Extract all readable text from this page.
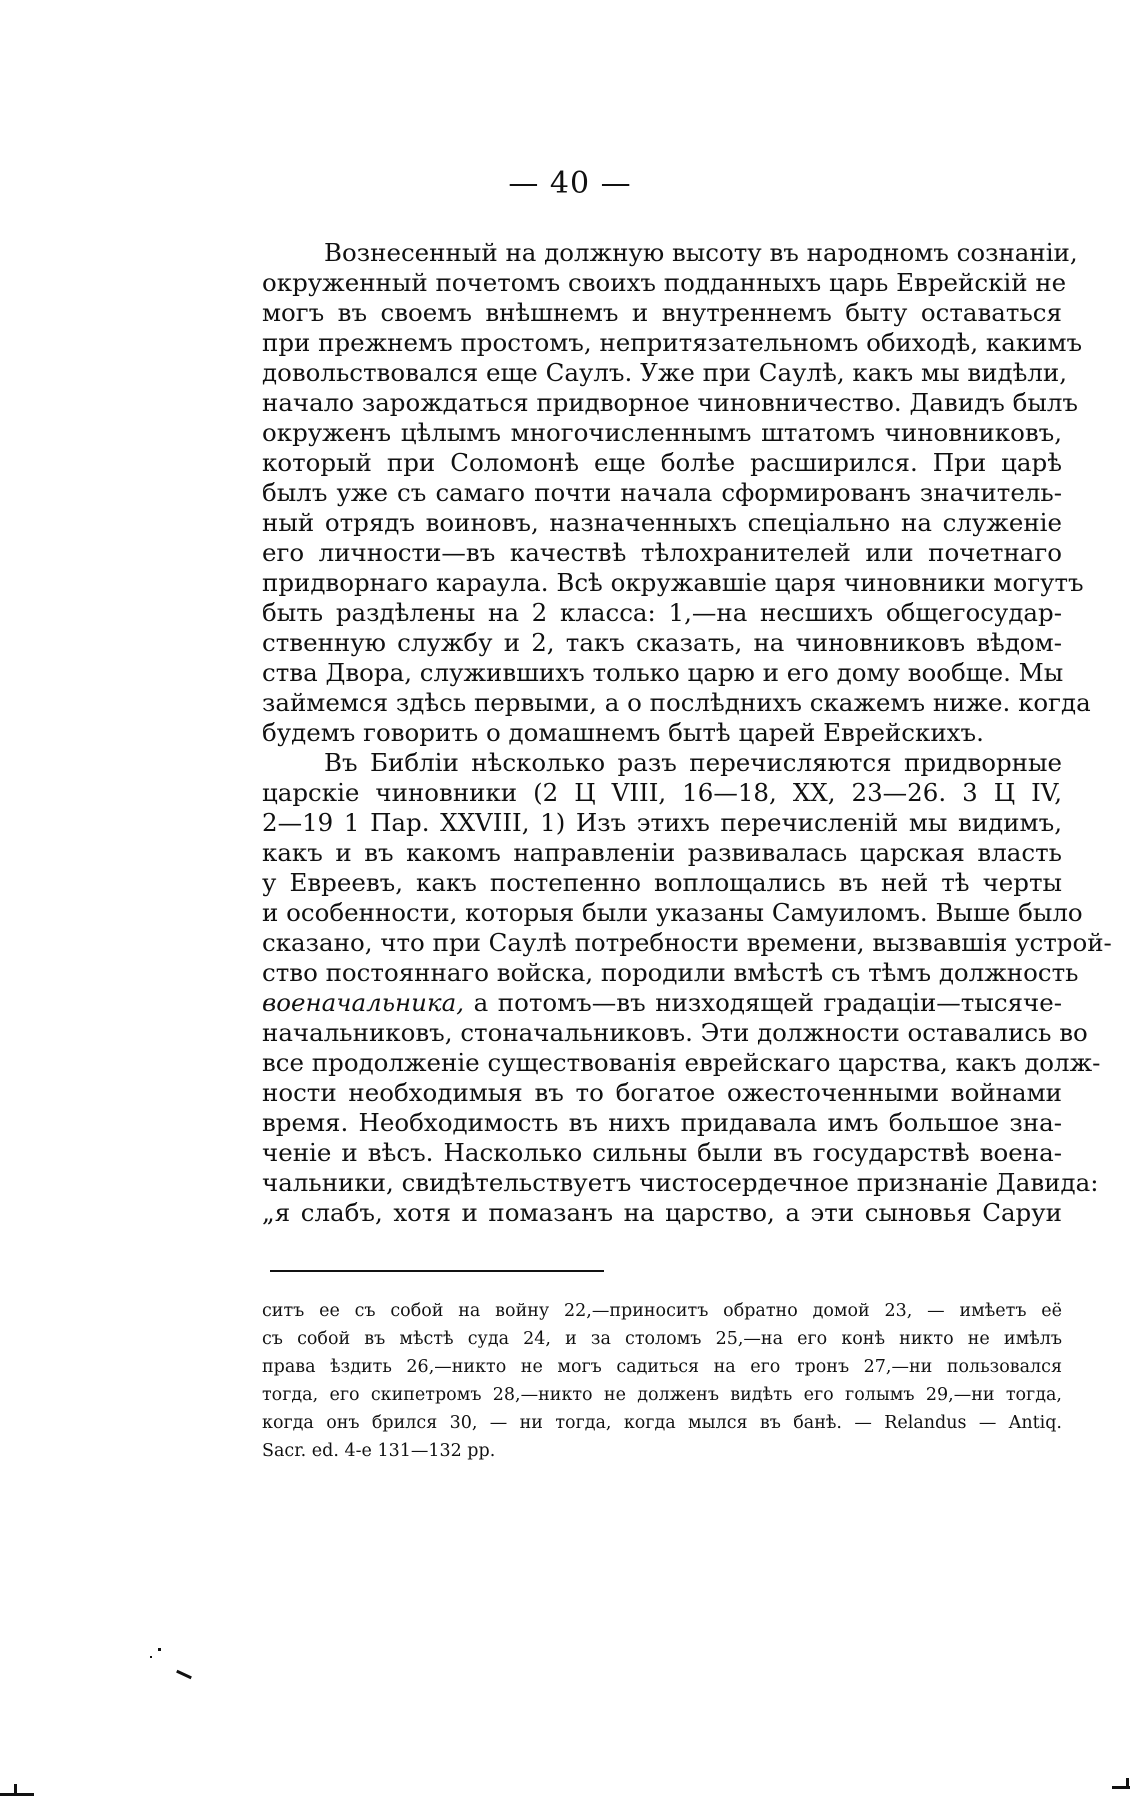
— 40 —
Вознесенный на должную высоту въ народномъ сознаніи,
окруженный почетомъ своихъ подданныхъ царь Еврейскій не
могъ въ своемъ внѣшнемъ и внутреннемъ быту оставаться
при прежнемъ простомъ, непритязательномъ обиходѣ, какимъ
довольствовался еще Саулъ. Уже при Саулѣ, какъ мы видѣли,
начало зарождаться придворное чиновничество. Давидъ былъ
окруженъ цѣлымъ многочисленнымъ штатомъ чиновниковъ,
который при Соломонѣ еще болѣе расширился. При царѣ
былъ уже съ самаго почти начала сформированъ значитель-
ный отрядъ воиновъ, назначенныхъ спеціально на служеніе
его личности—въ качествѣ тѣлохранителей или почетнаго
придворнаго караула. Всѣ окружавшіе царя чиновники могутъ
быть раздѣлены на 2 класса: 1,—на несшихъ общегосудар-
ственную службу и 2, такъ сказать, на чиновниковъ вѣдом-
ства Двора, служившихъ только царю и его дому вообще. Мы
займемся здѣсь первыми, а о послѣднихъ скажемъ ниже. когда
будемъ говорить о домашнемъ бытѣ царей Еврейскихъ.
Въ Библіи нѣсколько разъ перечисляются придворные
царскіе чиновники (2 Ц VIII, 16—18, XX, 23—26. 3 Ц IV,
2—19 1 Пар. XXVIII, 1) Изъ этихъ перечисленій мы видимъ,
какъ и въ какомъ направленіи развивалась царская власть
у Евреевъ, какъ постепенно воплощались въ ней тѣ черты
и особенности, которыя были указаны Самуиломъ. Выше было
сказано, что при Саулѣ потребности времени, вызвавшія устрой-
ство постояннаго войска, породили вмѣстѣ съ тѣмъ должность
военачальника, а потомъ—въ низходящей градаціи—тысяче-
начальниковъ, стоначальниковъ. Эти должности оставались во
все продолженіе существованія еврейскаго царства, какъ долж-
ности необходимыя въ то богатое ожесточенными войнами
время. Необходимость въ нихъ придавала имъ большое зна-
ченіе и вѣсъ. Насколько сильны были въ государствѣ воена-
чальники, свидѣтельствуетъ чистосердечное признаніе Давида:
„я слабъ, хотя и помазанъ на царство, а эти сыновья Саруи
ситъ ее съ собой на войну 22,—приноситъ обратно домой 23, — имѣетъ её
съ собой въ мѣстѣ суда 24, и за столомъ 25,—на его конѣ никто не имѣлъ
права ѣздить 26,—никто не могъ садиться на его тронъ 27,—ни пользовался
тогда, его скипетромъ 28,—никто не долженъ видѣть его голымъ 29,—ни тогда,
когда онъ брился 30, — ни тогда, когда мылся въ банѣ. — Relandus — Antiq.
Sacr. ed. 4-e 131—132 pp.
